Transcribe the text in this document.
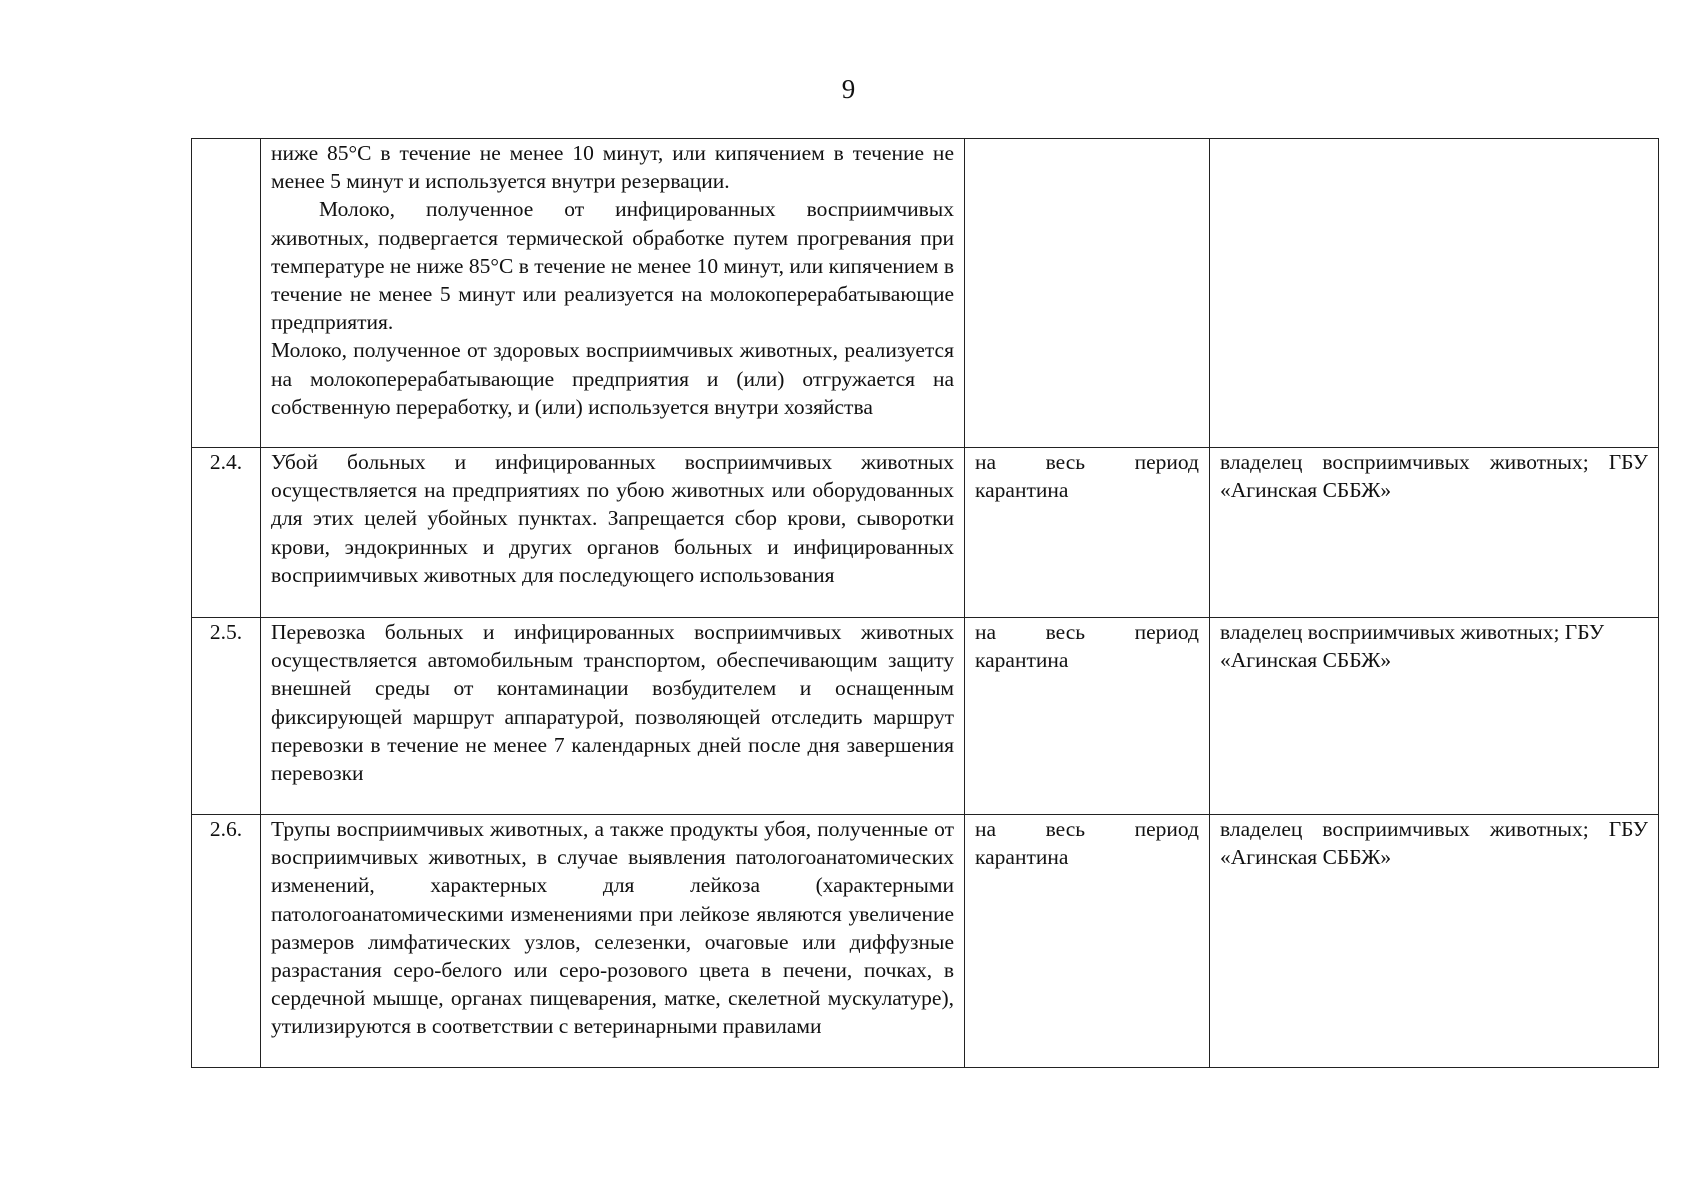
9

	ниже 85°С в течение не менее 10 минут, или кипячением в течение не менее 5 минут и используется внутри резервации.

Молоко, полученное от инфицированных восприимчивых животных, подвергается термической обработке путем прогревания при температуре не ниже 85°С в течение не менее 10 минут, или кипячением в течение не менее 5 минут или реализуется на молокоперерабатывающие предприятия.

Молоко, полученное от здоровых восприимчивых животных, реализуется на молокоперерабатывающие предприятия и (или) отгружается на собственную переработку, и (или) используется внутри хозяйства		

2.4.	Убой больных и инфицированных восприимчивых животных осуществляется на предприятиях по убою животных или оборудованных для этих целей убойных пунктах. Запрещается сбор крови, сыворотки крови, эндокринных и других органов больных и инфицированных восприимчивых животных для последующего использования	на весь период карантина	владелец восприимчивых животных; ГБУ «Агинская СББЖ»

2.5.	Перевозка больных и инфицированных восприимчивых животных осуществляется автомобильным транспортом, обеспечивающим защиту внешней среды от контаминации возбудителем и оснащенным фиксирующей маршрут аппаратурой, позволяющей отследить маршрут перевозки в течение не менее 7 календарных дней после дня завершения перевозки	на весь период карантина	владелец восприимчивых животных; ГБУ «Агинская СББЖ»

2.6.	Трупы восприимчивых животных, а также продукты убоя, полученные от восприимчивых животных, в случае выявления патологоанатомических изменений, характерных для лейкоза (характерными патологоанатомическими изменениями при лейкозе являются увеличение размеров лимфатических узлов, селезенки, очаговые или диффузные разрастания серо-белого или серо-розового цвета в печени, почках, в сердечной мышце, органах пищеварения, матке, скелетной мускулатуре), утилизируются в соответствии с ветеринарными правилами	на весь период карантина	владелец восприимчивых животных; ГБУ «Агинская СББЖ»
